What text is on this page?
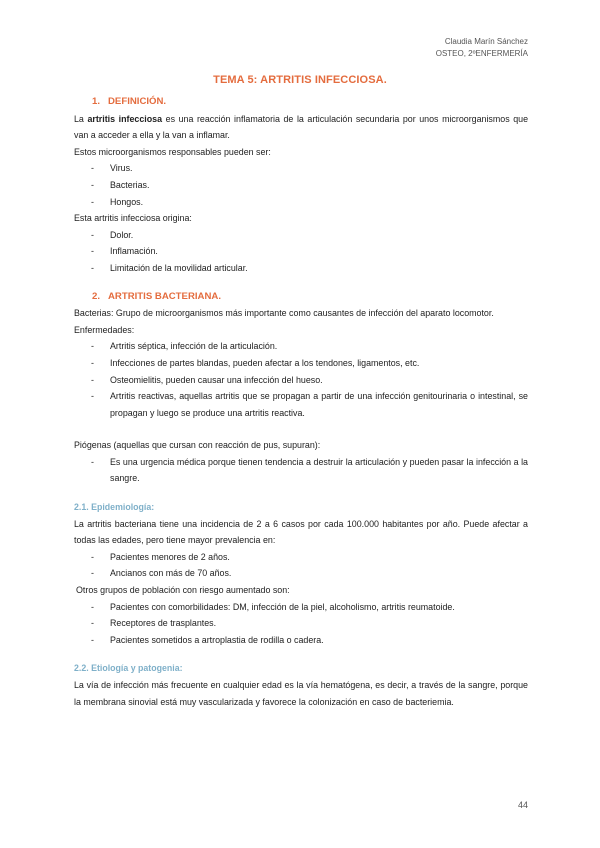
Claudia Marín Sánchez
OSTEO, 2ºENFERMERÍA
TEMA 5: ARTRITIS INFECCIOSA.
1. DEFINICIÓN.
La artritis infecciosa es una reacción inflamatoria de la articulación secundaria por unos microorganismos que van a acceder a ella y la van a inflamar.
Estos microorganismos responsables pueden ser:
- Virus.
- Bacterias.
- Hongos.
Esta artritis infecciosa origina:
- Dolor.
- Inflamación.
- Limitación de la movilidad articular.
2. ARTRITIS BACTERIANA.
Bacterias: Grupo de microorganismos más importante como causantes de infección del aparato locomotor.
Enfermedades:
- Artritis séptica, infección de la articulación.
- Infecciones de partes blandas, pueden afectar a los tendones, ligamentos, etc.
- Osteomielitis, pueden causar una infección del hueso.
- Artritis reactivas, aquellas artritis que se propagan a partir de una infección genitourinaria o intestinal, se propagan y luego se produce una artritis reactiva.
Piógenas (aquellas que cursan con reacción de pus, supuran):
- Es una urgencia médica porque tienen tendencia a destruir la articulación y pueden pasar la infección a la sangre.
2.1. Epidemiología:
La artritis bacteriana tiene una incidencia de 2 a 6 casos por cada 100.000 habitantes por año. Puede afectar a todas las edades, pero tiene mayor prevalencia en:
- Pacientes menores de 2 años.
- Ancianos con más de 70 años.
Otros grupos de población con riesgo aumentado son:
- Pacientes con comorbilidades: DM, infección de la piel, alcoholismo, artritis reumatoide.
- Receptores de trasplantes.
- Pacientes sometidos a artroplastia de rodilla o cadera.
2.2. Etiología y patogenia:
La vía de infección más frecuente en cualquier edad es la vía hematógena, es decir, a través de la sangre, porque la membrana sinovial está muy vascularizada y favorece la colonización en caso de bacteriemia.
44
